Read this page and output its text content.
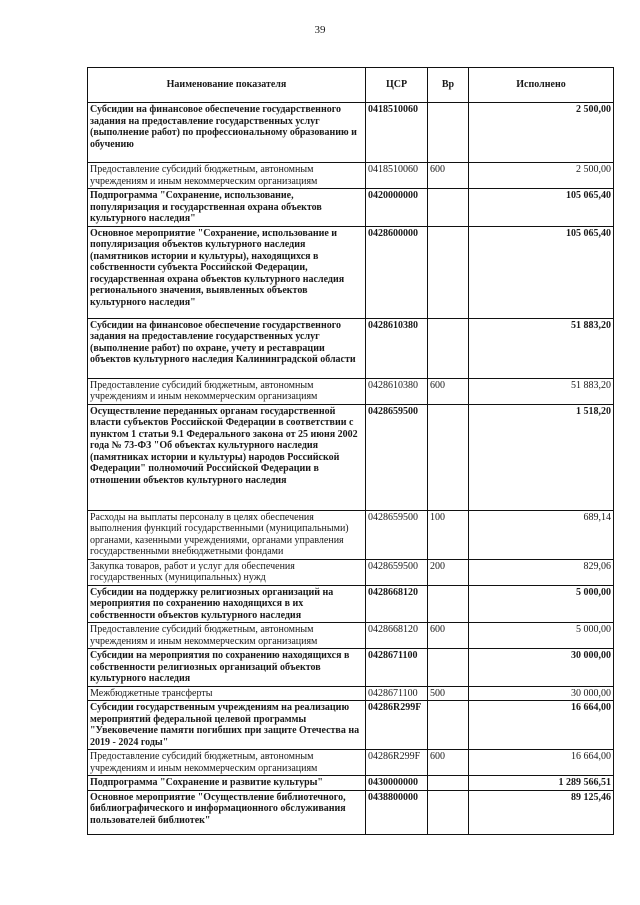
39
Наименование показателя	ЦСР	Вр	Исполнено
Субсидии на финансовое обеспечение государственного задания на предоставление государственных услуг (выполнение работ) по профессиональному образованию и обучению	0418510060		2 500,00
Предоставление субсидий бюджетным, автономным учреждениям и иным некоммерческим организациям	0418510060	600	2 500,00
Подпрограмма "Сохранение, использование, популяризация и государственная охрана объектов культурного наследия"	0420000000		105 065,40
Основное мероприятие "Сохранение, использование и популяризация объектов культурного наследия (памятников истории и культуры), находящихся в собственности субъекта Российской Федерации, государственная охрана объектов культурного наследия регионального значения, выявленных объектов культурного наследия"	0428600000		105 065,40
Субсидии на финансовое обеспечение государственного задания на предоставление государственных услуг (выполнение работ) по охране, учету и реставрации объектов культурного наследия Калининградской области	0428610380		51 883,20
Предоставление субсидий бюджетным, автономным учреждениям и иным некоммерческим организациям	0428610380	600	51 883,20
Осуществление переданных органам государственной власти субъектов Российской Федерации в соответствии с пунктом 1 статьи 9.1 Федерального закона от 25 июня 2002 года № 73-ФЗ "Об объектах культурного наследия (памятниках истории и культуры) народов Российской Федерации" полномочий Российской Федерации в отношении объектов культурного наследия	0428659500		1 518,20
Расходы на выплаты персоналу в целях обеспечения выполнения функций государственными (муниципальными) органами, казенными учреждениями, органами управления государственными внебюджетными фондами	0428659500	100	689,14
Закупка товаров, работ и услуг для обеспечения государственных (муниципальных) нужд	0428659500	200	829,06
Субсидии на поддержку религиозных организаций на мероприятия по сохранению находящихся в их собственности объектов культурного наследия	0428668120		5 000,00
Предоставление субсидий бюджетным, автономным учреждениям и иным некоммерческим организациям	0428668120	600	5 000,00
Субсидии на мероприятия по сохранению находящихся в собственности религиозных организаций объектов культурного наследия	0428671100		30 000,00
Межбюджетные трансферты	0428671100	500	30 000,00
Субсидии государственным учреждениям на реализацию мероприятий федеральной целевой программы "Увековечение памяти погибших при защите Отечества на 2019 - 2024 годы"	04286R299F		16 664,00
Предоставление субсидий бюджетным, автономным учреждениям и иным некоммерческим организациям	04286R299F	600	16 664,00
Подпрограмма "Сохранение и развитие культуры"	0430000000		1 289 566,51
Основное мероприятие "Осуществление библиотечного, библиографического и информационного обслуживания пользователей библиотек"	0438800000		89 125,46
